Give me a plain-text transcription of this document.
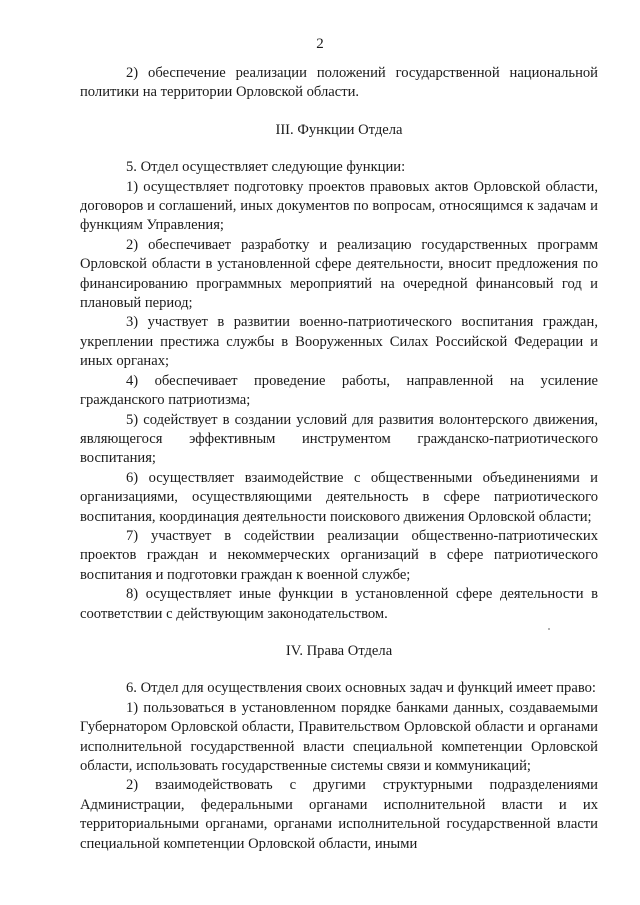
2

2) обеспечение реализации положений государственной национальной политики на территории Орловской области.

III. Функции Отдела

5. Отдел осуществляет следующие функции:

1) осуществляет подготовку проектов правовых актов Орловской области, договоров и соглашений, иных документов по вопросам, относящимся к задачам и функциям Управления;

2) обеспечивает разработку и реализацию государственных программ Орловской области в установленной сфере деятельности, вносит предложения по финансированию программных мероприятий на очередной финансовый год и плановый период;

3) участвует в развитии военно-патриотического воспитания граждан, укреплении престижа службы в Вооруженных Силах Российской Федерации и иных органах;

4) обеспечивает проведение работы, направленной на усиление гражданского патриотизма;

5) содействует в создании условий для развития волонтерского движения, являющегося эффективным инструментом гражданско-патриотического воспитания;

6) осуществляет взаимодействие с общественными объединениями и организациями, осуществляющими деятельность в сфере патриотического воспитания, координация деятельности поискового движения Орловской области;

7) участвует в содействии реализации общественно-патриотических проектов граждан и некоммерческих организаций в сфере патриотического воспитания и подготовки граждан к военной службе;

8) осуществляет иные функции в установленной сфере деятельности в соответствии с действующим законодательством.

IV. Права Отдела

6. Отдел для осуществления своих основных задач и функций имеет право:

1) пользоваться в установленном порядке банками данных, создаваемыми Губернатором Орловской области, Правительством Орловской области и органами исполнительной государственной власти специальной компетенции Орловской области, использовать государственные системы связи и коммуникаций;

2) взаимодействовать с другими структурными подразделениями Администрации, федеральными органами исполнительной власти и их территориальными органами, органами исполнительной государственной власти специальной компетенции Орловской области, иными
